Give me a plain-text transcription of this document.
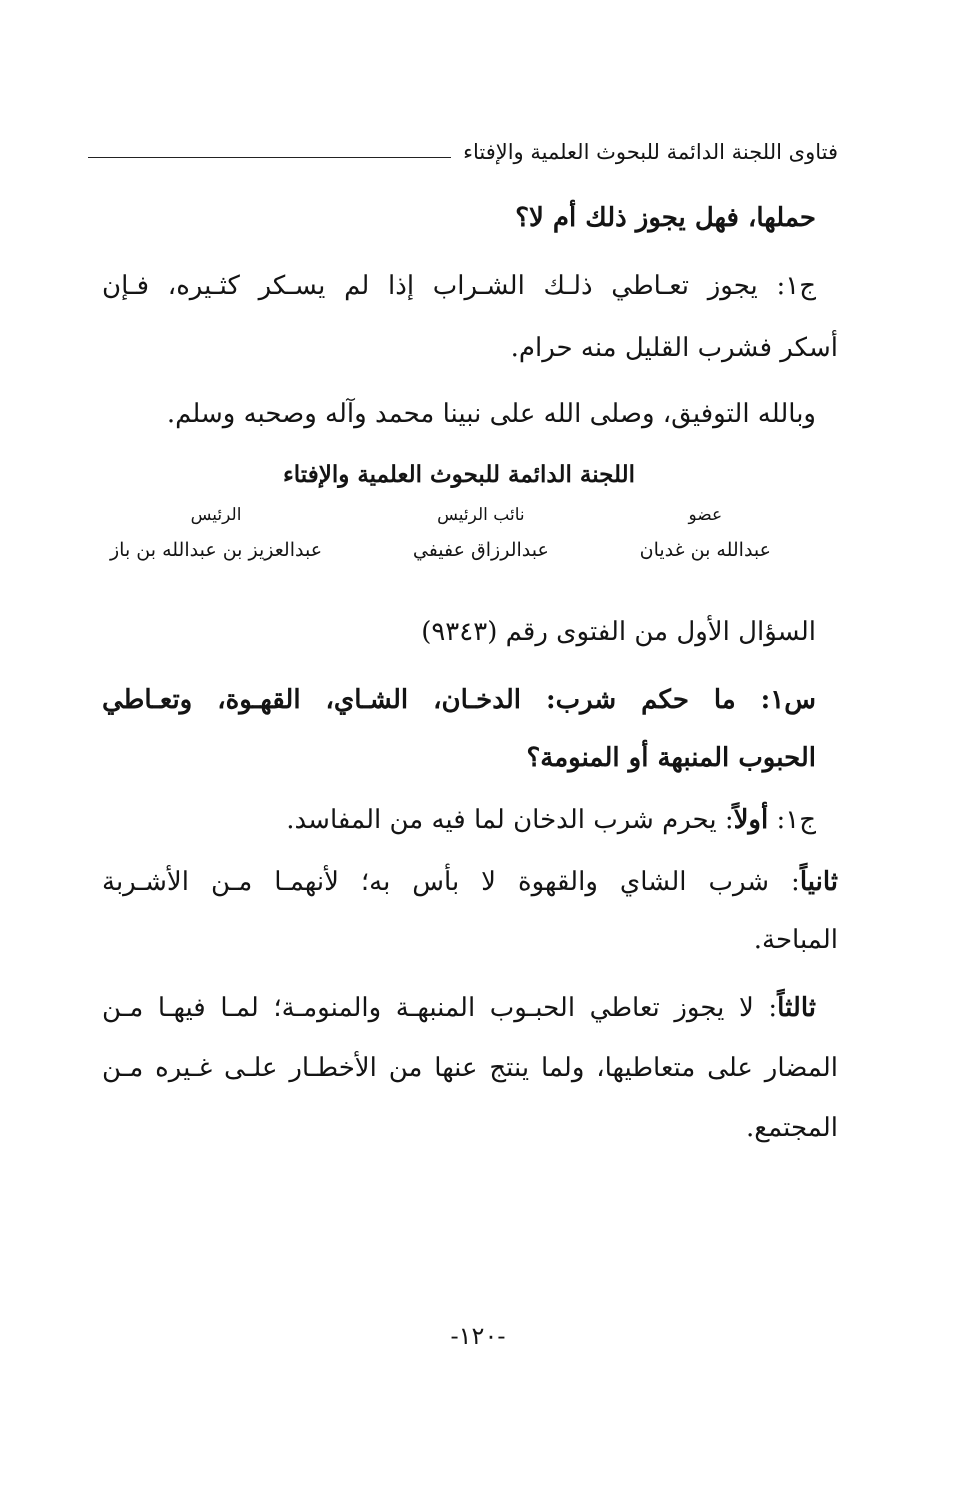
فتاوى اللجنة الدائمة للبحوث العلمية والإفتاء
حملها، فهل يجوز ذلك أم لا؟
ج١: يجوز تعـاطي ذلـك الشـراب إذا لم يسـكر كثـيره، فـإن
أسكر فشرب القليل منه حرام.
وبالله التوفيق، وصلى الله على نبينا محمد وآله وصحبه وسلم.
اللجنة الدائمة للبحوث العلمية والإفتاء
عضو
عبدالله بن غديان
نائب الرئيس
عبدالرزاق عفيفي
الرئيس
عبدالعزيز بن عبدالله بن باز
السؤال الأول من الفتوى رقم (٩٣٤٣)
س١: ما حكم شرب: الدخـان، الشـاي، القهـوة، وتعـاطي
الحبوب المنبهة أو المنومة؟
ج١: أولاً: يحرم شرب الدخان لما فيه من المفاسد.
ثانياً: شرب الشاي والقهوة لا بأس به؛ لأنهمـا مـن الأشـربة
المباحة.
ثالثاً: لا يجوز تعاطي الحبـوب المنبهـة والمنومـة؛ لمـا فيهـا مـن
المضار على متعاطيها، ولما ينتج عنها من الأخطـار علـى غـيره مـن
المجتمع.
-١٢٠-
